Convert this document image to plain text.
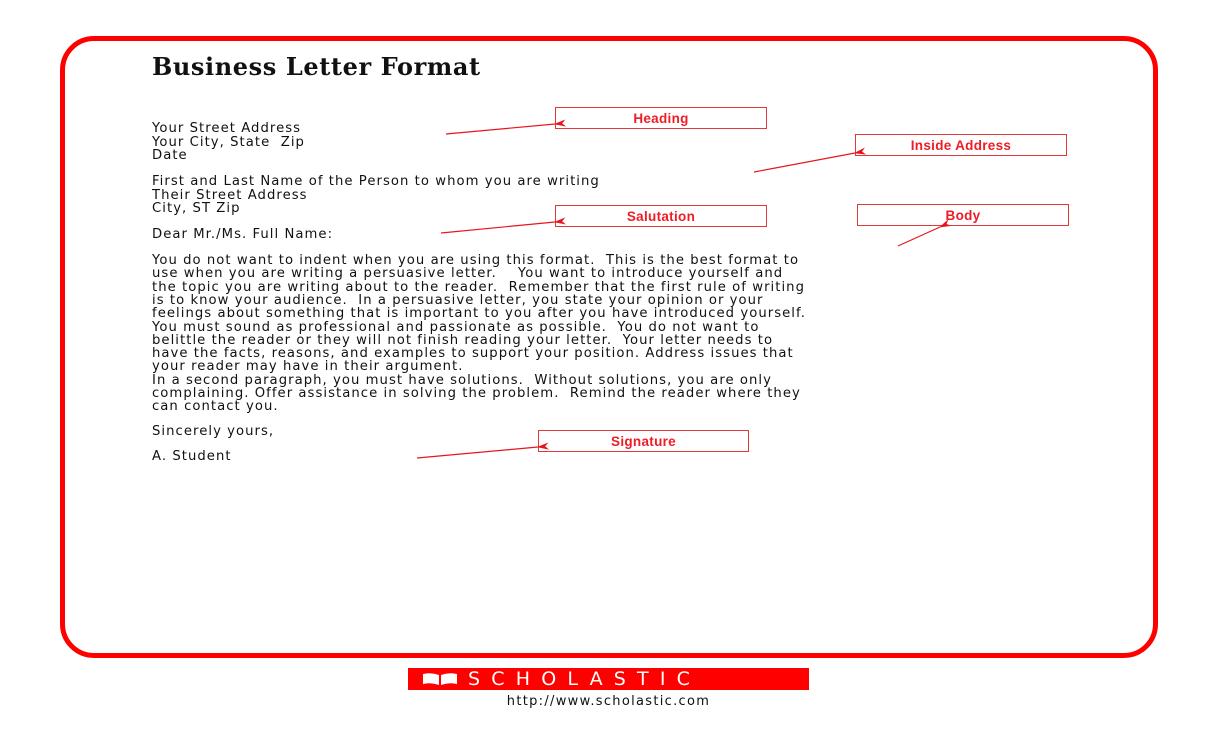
Business Letter Format
Your Street Address
Your City, State  Zip
Date
First and Last Name of the Person to whom you are writing
Their Street Address
City, ST Zip
Dear Mr./Ms. Full Name:
You do not want to indent when you are using this format.  This is the best format to
use when you are writing a persuasive letter.    You want to introduce yourself and
the topic you are writing about to the reader.  Remember that the first rule of writing
is to know your audience.  In a persuasive letter, you state your opinion or your
feelings about something that is important to you after you have introduced yourself.
You must sound as professional and passionate as possible.  You do not want to
belittle the reader or they will not finish reading your letter.  Your letter needs to
have the facts, reasons, and examples to support your position. Address issues that
your reader may have in their argument.
In a second paragraph, you must have solutions.  Without solutions, you are only
complaining. Offer assistance in solving the problem.  Remind the reader where they
can contact you.
Sincerely yours,
A. Student
Heading
Inside Address
Salutation	Body
Signature
SCHOLASTIC
http://www.scholastic.com
